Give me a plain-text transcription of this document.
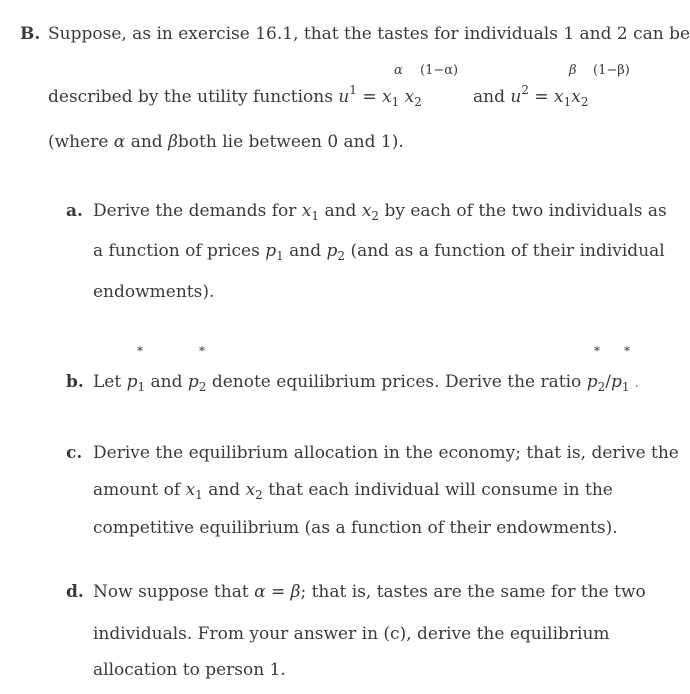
B. Suppose, as in exercise 16.1, that the tastes for individuals 1 and 2 can be
α (1−α)	β (1−β)
described by the utility functions $u^1 = x_1$ $x_2$	and $u^2 = x_1x_2$
(where α and βboth lie between 0 and 1).
a. Derive the demands for $x_1$ and $x_2$ by each of the two individuals as
a function of prices $p_1$ and $p_2$ (and as a function of their individual
endowments).
*	*	* *
b. Let $p_1$ and $p_2$ denote equilibrium prices. Derive the ratio $p_2/p_1$ .
c. Derive the equilibrium allocation in the economy; that is, derive the
amount of $x_1$ and $x_2$ that each individual will consume in the
competitive equilibrium (as a function of their endowments).
d. Now suppose that α = β; that is, tastes are the same for the two
individuals. From your answer in (c), derive the equilibrium
allocation to person 1.
